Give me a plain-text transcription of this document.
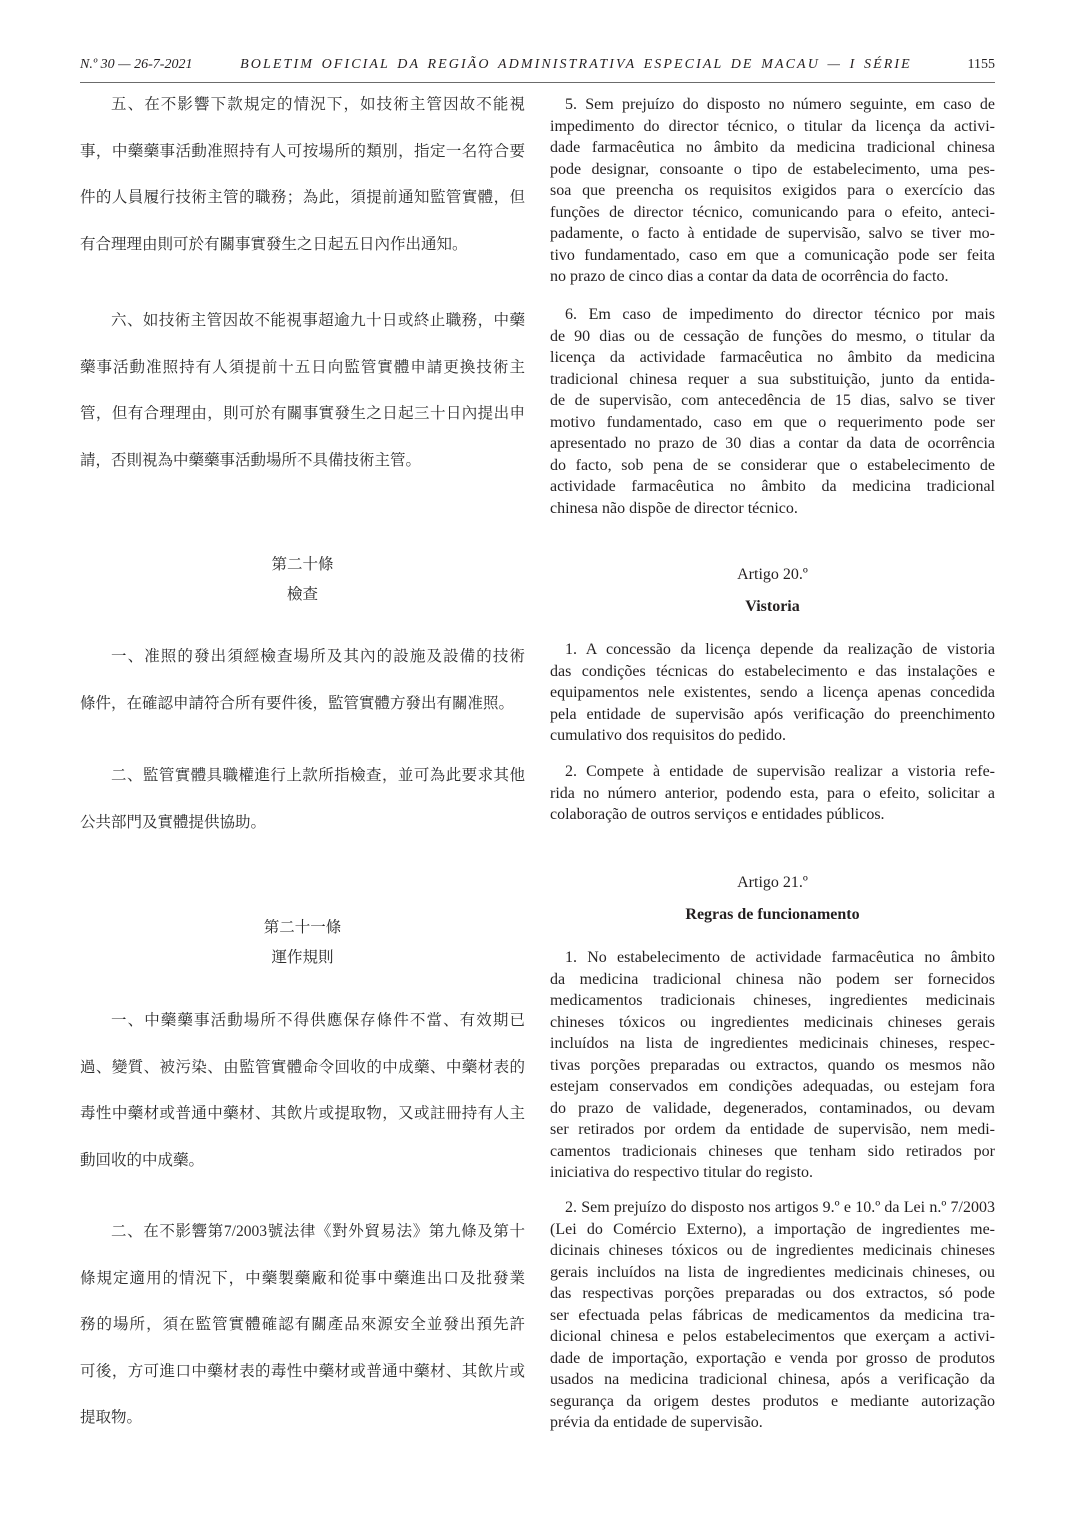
N.º 30 — 26-7-2021	BOLETIM OFICIAL DA REGIÃO ADMINISTRATIVA ESPECIAL DE MACAU — I SÉRIE	1155
五、在不影響下款規定的情況下，如技術主管因故不能視
事，中藥藥事活動准照持有人可按場所的類別，指定一名符合要
件的人員履行技術主管的職務；為此，須提前通知監管實體，但
有合理理由則可於有關事實發生之日起五日內作出通知。
六、如技術主管因故不能視事超逾九十日或終止職務，中藥
藥事活動准照持有人須提前十五日向監管實體申請更換技術主
管，但有合理理由，則可於有關事實發生之日起三十日內提出申
請，否則視為中藥藥事活動場所不具備技術主管。
第二十條
檢查
一、准照的發出須經檢查場所及其內的設施及設備的技術
條件，在確認申請符合所有要件後，監管實體方發出有關准照。
二、監管實體具職權進行上款所指檢查，並可為此要求其他
公共部門及實體提供協助。
第二十一條
運作規則
一、中藥藥事活動場所不得供應保存條件不當、有效期已
過、變質、被污染、由監管實體命令回收的中成藥、中藥材表的
毒性中藥材或普通中藥材、其飲片或提取物，又或註冊持有人主
動回收的中成藥。
二、在不影響第7/2003號法律《對外貿易法》第九條及第十
條規定適用的情況下，中藥製藥廠和從事中藥進出口及批發業
務的場所，須在監管實體確認有關產品來源安全並發出預先許
可後，方可進口中藥材表的毒性中藥材或普通中藥材、其飲片或
提取物。
5. Sem prejuízo do disposto no número seguinte, em caso de
impedimento do director técnico, o titular da licença da activi-
dade farmacêutica no âmbito da medicina tradicional chinesa
pode designar, consoante o tipo de estabelecimento, uma pes-
soa que preencha os requisitos exigidos para o exercício das
funções de director técnico, comunicando para o efeito, anteci-
padamente, o facto à entidade de supervisão, salvo se tiver mo-
tivo fundamentado, caso em que a comunicação pode ser feita
no prazo de cinco dias a contar da data de ocorrência do facto.
6. Em caso de impedimento do director técnico por mais
de 90 dias ou de cessação de funções do mesmo, o titular da
licença da actividade farmacêutica no âmbito da medicina
tradicional chinesa requer a sua substituição, junto da entida-
de de supervisão, com antecedência de 15 dias, salvo se tiver
motivo fundamentado, caso em que o requerimento pode ser
apresentado no prazo de 30 dias a contar da data de ocorrência
do facto, sob pena de se considerar que o estabelecimento de
actividade farmacêutica no âmbito da medicina tradicional
chinesa não dispõe de director técnico.
Artigo 20.º
Vistoria
1. A concessão da licença depende da realização de vistoria
das condições técnicas do estabelecimento e das instalações e
equipamentos nele existentes, sendo a licença apenas concedida
pela entidade de supervisão após verificação do preenchimento
cumulativo dos requisitos do pedido.
2. Compete à entidade de supervisão realizar a vistoria refe-
rida no número anterior, podendo esta, para o efeito, solicitar a
colaboração de outros serviços e entidades públicos.
Artigo 21.º
Regras de funcionamento
1. No estabelecimento de actividade farmacêutica no âmbito
da medicina tradicional chinesa não podem ser fornecidos
medicamentos tradicionais chineses, ingredientes medicinais
chineses tóxicos ou ingredientes medicinais chineses gerais
incluídos na lista de ingredientes medicinais chineses, respec-
tivas porções preparadas ou extractos, quando os mesmos não
estejam conservados em condições adequadas, ou estejam fora
do prazo de validade, degenerados, contaminados, ou devam
ser retirados por ordem da entidade de supervisão, nem medi-
camentos tradicionais chineses que tenham sido retirados por
iniciativa do respectivo titular do registo.
2. Sem prejuízo do disposto nos artigos 9.º e 10.º da Lei n.º 7/2003
(Lei do Comércio Externo), a importação de ingredientes me-
dicinais chineses tóxicos ou de ingredientes medicinais chineses
gerais incluídos na lista de ingredientes medicinais chineses, ou
das respectivas porções preparadas ou dos extractos, só pode
ser efectuada pelas fábricas de medicamentos da medicina tra-
dicional chinesa e pelos estabelecimentos que exerçam a activi-
dade de importação, exportação e venda por grosso de produtos
usados na medicina tradicional chinesa, após a verificação da
segurança da origem destes produtos e mediante autorização
prévia da entidade de supervisão.
